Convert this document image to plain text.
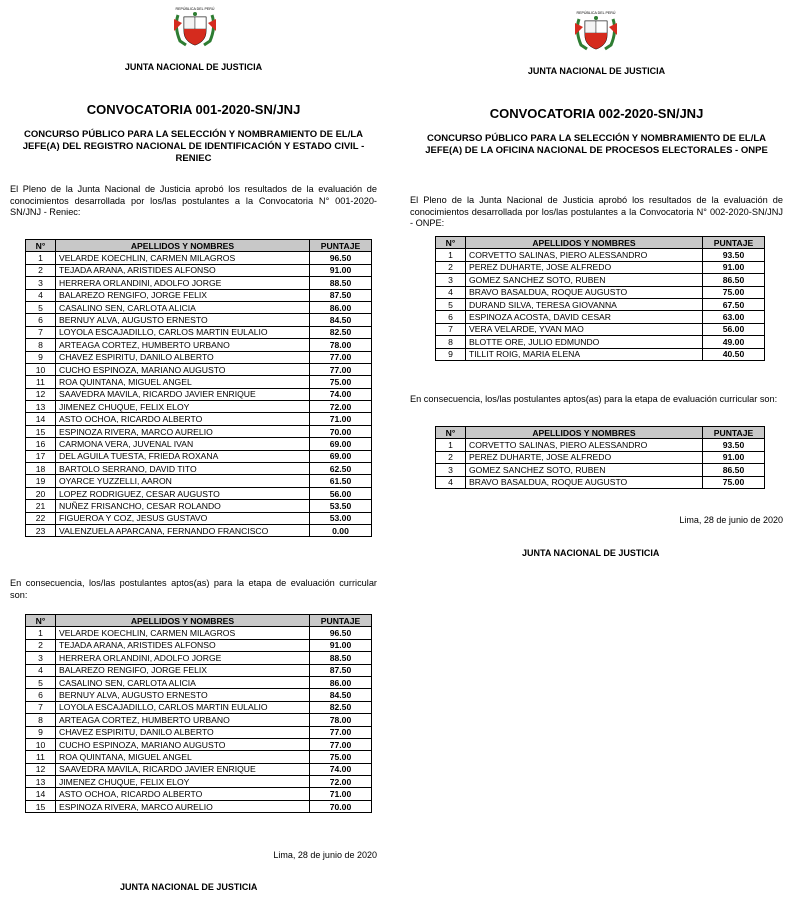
REPÚBLICA DEL PERÚ
JUNTA NACIONAL DE JUSTICIA
CONVOCATORIA 001-2020-SN/JNJ
CONCURSO PÚBLICO PARA LA SELECCIÓN Y NOMBRAMIENTO DE EL/LA JEFE(A) DEL REGISTRO NACIONAL DE IDENTIFICACIÓN Y ESTADO CIVIL - RENIEC
El Pleno de la Junta Nacional de Justicia aprobó los resultados de la evaluación de conocimientos desarrollada por los/las postulantes a la Convocatoria N° 001-2020-SN/JNJ - Reniec:
N°	APELLIDOS Y NOMBRES	PUNTAJE
1	VELARDE KOECHLIN, CARMEN MILAGROS	96.50
2	TEJADA ARANA, ARISTIDES ALFONSO	91.00
3	HERRERA ORLANDINI, ADOLFO JORGE	88.50
4	BALAREZO RENGIFO, JORGE FELIX	87.50
5	CASALINO SEN, CARLOTA ALICIA	86.00
6	BERNUY ALVA, AUGUSTO ERNESTO	84.50
7	LOYOLA ESCAJADILLO, CARLOS MARTIN EULALIO	82.50
8	ARTEAGA CORTEZ, HUMBERTO URBANO	78.00
9	CHAVEZ ESPIRITU, DANILO ALBERTO	77.00
10	CUCHO ESPINOZA, MARIANO AUGUSTO	77.00
11	ROA QUINTANA, MIGUEL ANGEL	75.00
12	SAAVEDRA MAVILA, RICARDO JAVIER ENRIQUE	74.00
13	JIMENEZ CHUQUE, FELIX ELOY	72.00
14	ASTO OCHOA, RICARDO ALBERTO	71.00
15	ESPINOZA RIVERA, MARCO AURELIO	70.00
16	CARMONA VERA, JUVENAL IVAN	69.00
17	DEL AGUILA TUESTA, FRIEDA ROXANA	69.00
18	BARTOLO SERRANO, DAVID TITO	62.50
19	OYARCE YUZZELLI, AARON	61.50
20	LOPEZ RODRIGUEZ, CESAR AUGUSTO	56.00
21	NUÑEZ FRISANCHO, CESAR ROLANDO	53.50
22	FIGUEROA Y COZ, JESUS GUSTAVO	53.00
23	VALENZUELA APARCANA, FERNANDO FRANCISCO	0.00
En consecuencia, los/las postulantes aptos(as) para la etapa de evaluación curricular son:
N°	APELLIDOS Y NOMBRES	PUNTAJE
1	VELARDE KOECHLIN, CARMEN MILAGROS	96.50
2	TEJADA ARANA, ARISTIDES ALFONSO	91.00
3	HERRERA ORLANDINI, ADOLFO JORGE	88.50
4	BALAREZO RENGIFO, JORGE FELIX	87.50
5	CASALINO SEN, CARLOTA ALICIA	86.00
6	BERNUY ALVA, AUGUSTO ERNESTO	84.50
7	LOYOLA ESCAJADILLO, CARLOS MARTIN EULALIO	82.50
8	ARTEAGA CORTEZ, HUMBERTO URBANO	78.00
9	CHAVEZ ESPIRITU, DANILO ALBERTO	77.00
10	CUCHO ESPINOZA, MARIANO AUGUSTO	77.00
11	ROA QUINTANA, MIGUEL ANGEL	75.00
12	SAAVEDRA MAVILA, RICARDO JAVIER ENRIQUE	74.00
13	JIMENEZ CHUQUE, FELIX ELOY	72.00
14	ASTO OCHOA, RICARDO ALBERTO	71.00
15	ESPINOZA RIVERA, MARCO AURELIO	70.00
Lima, 28 de junio de 2020
JUNTA NACIONAL DE JUSTICIA
REPÚBLICA DEL PERÚ
JUNTA NACIONAL DE JUSTICIA
CONVOCATORIA 002-2020-SN/JNJ
CONCURSO PÚBLICO PARA LA SELECCIÓN Y NOMBRAMIENTO DE EL/LA JEFE(A) DE LA OFICINA NACIONAL DE PROCESOS ELECTORALES - ONPE
El Pleno de la Junta Nacional de Justicia aprobó los resultados de la evaluación de conocimientos desarrollada por los/las postulantes a la Convocatoria N° 002-2020-SN/JNJ - ONPE:
N°	APELLIDOS Y NOMBRES	PUNTAJE
1	CORVETTO SALINAS, PIERO ALESSANDRO	93.50
2	PEREZ DUHARTE, JOSE ALFREDO	91.00
3	GOMEZ SANCHEZ SOTO, RUBEN	86.50
4	BRAVO BASALDUA, ROQUE AUGUSTO	75.00
5	DURAND SILVA, TERESA GIOVANNA	67.50
6	ESPINOZA ACOSTA, DAVID CESAR	63.00
7	VERA VELARDE, YVAN MAO	56.00
8	BLOTTE ORE, JULIO EDMUNDO	49.00
9	TILLIT ROIG, MARIA ELENA	40.50
En consecuencia, los/las postulantes aptos(as) para la etapa de evaluación curricular son:
N°	APELLIDOS Y NOMBRES	PUNTAJE
1	CORVETTO SALINAS, PIERO ALESSANDRO	93.50
2	PEREZ DUHARTE, JOSE ALFREDO	91.00
3	GOMEZ SANCHEZ SOTO, RUBEN	86.50
4	BRAVO BASALDUA, ROQUE AUGUSTO	75.00
Lima, 28 de junio de 2020
JUNTA NACIONAL DE JUSTICIA
